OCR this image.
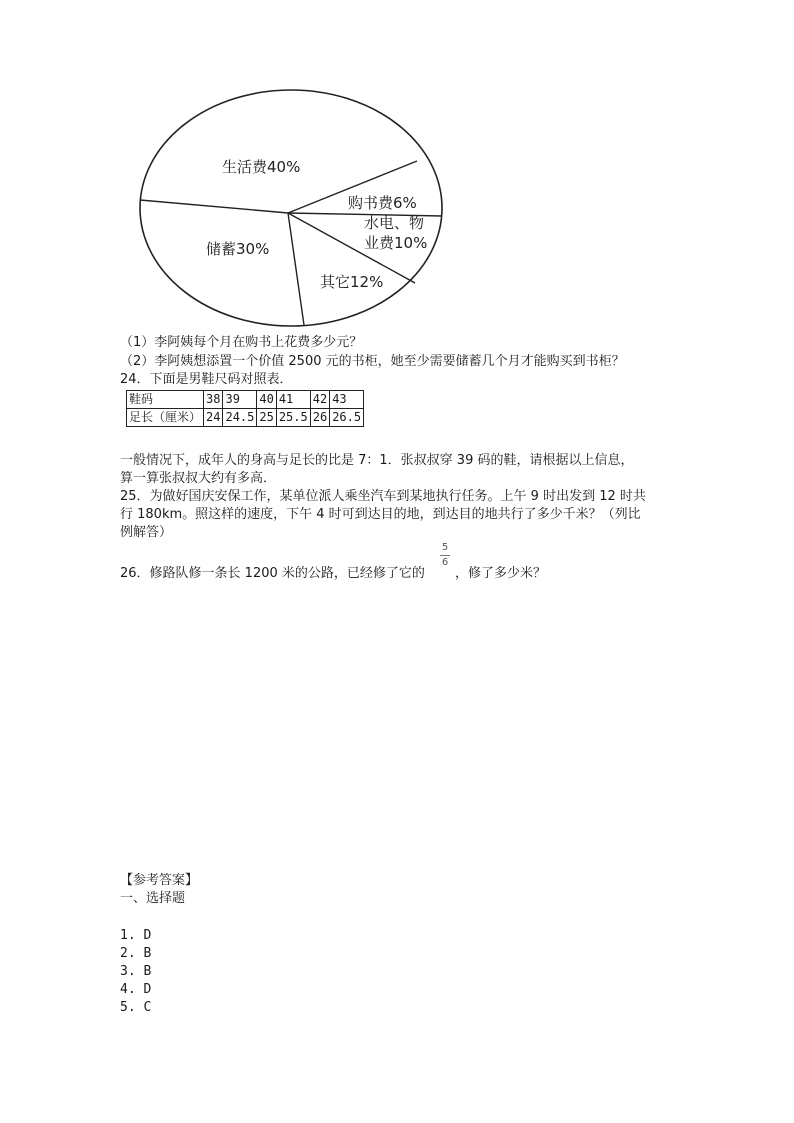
生活费40%
购书费6%
水电、物
业费10%
其它12%
储蓄30%
（1）李阿姨每个月在购书上花费多少元？
（2）李阿姨想添置一个价值 2500 元的书柜，她至少需要储蓄几个月才能购买到书柜？
24．下面是男鞋尺码对照表．
鞋码	38	39	40	41	42	43
足长（厘米）	24	24.5	25	25.5	26	26.5
一般情况下，成年人的身高与足长的比是 7：1．张叔叔穿 39 码的鞋，请根据以上信息，
算一算张叔叔大约有多高．
25．为做好国庆安保工作，某单位派人乘坐汽车到某地执行任务。上午 9 时出发到 12 时共
行 180km。照这样的速度，下午 4 时可到达目的地，到达目的地共行了多少千米？（列比
例解答）
26．修路队修一条长 1200 米的公路，已经修了它的
5
6
，修了多少米？
【参考答案】
一、选择题
1. D
2. B
3. B
4. D
5. C
